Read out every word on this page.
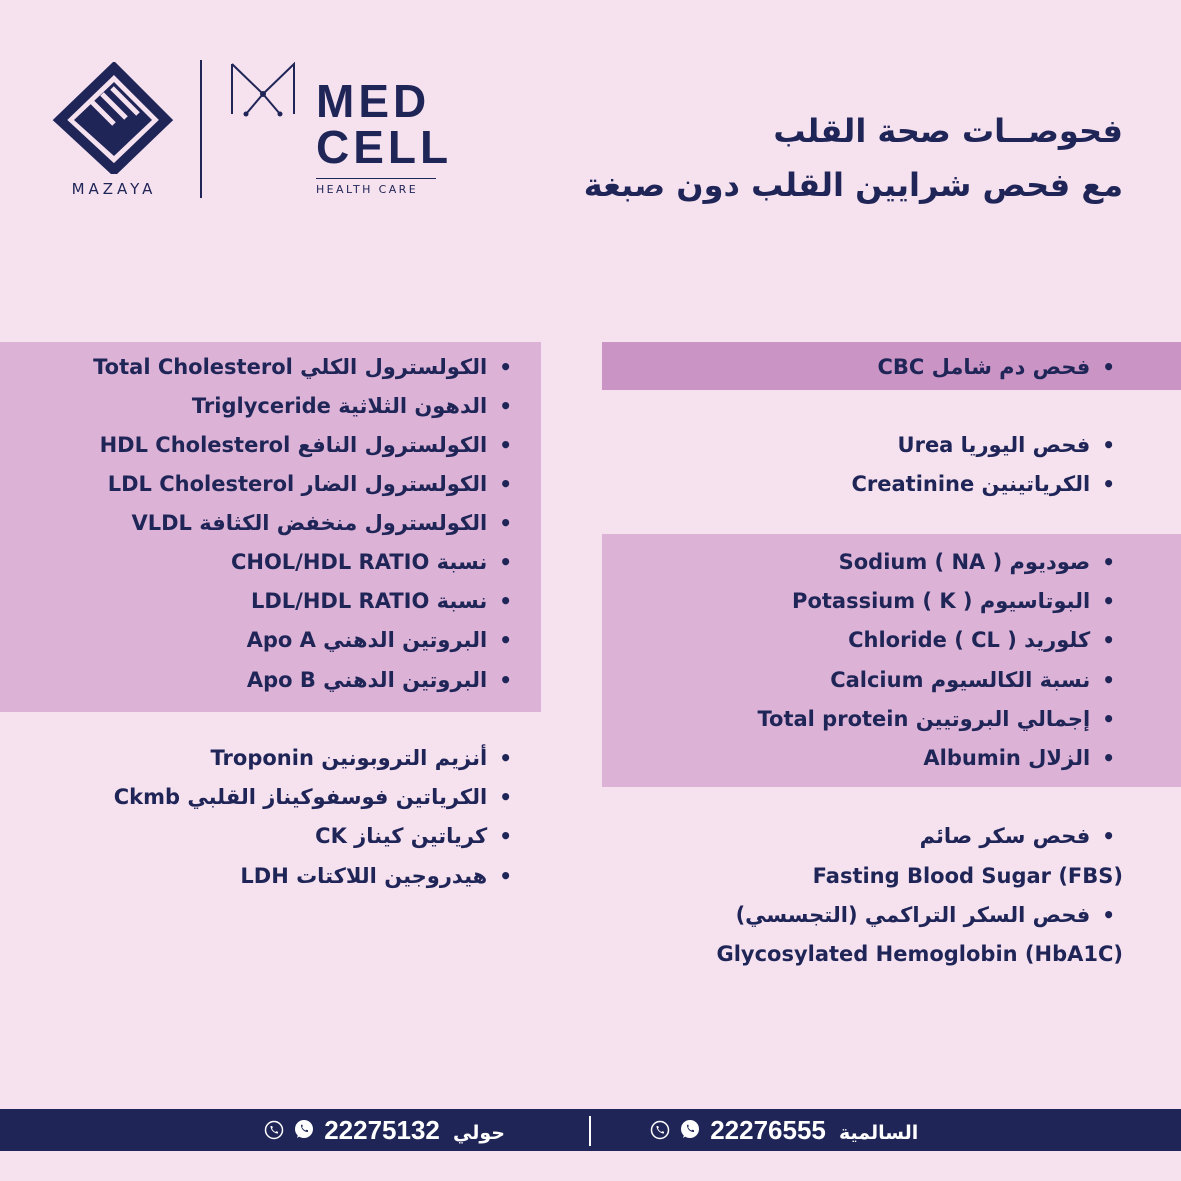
MAZAYA
MED
CELL
HEALTH CARE
فحوصــات صحة القلب
مع فحص شرايين القلب دون صبغة
•الكولسترول الكلي Total Cholesterol
•الدهون الثلاثية Triglyceride
•الكولسترول النافع HDL Cholesterol
•الكولسترول الضار LDL Cholesterol
•الكولسترول منخفض الكثافة VLDL
•نسبة CHOL/HDL RATIO
•نسبة LDL/HDL RATIO
•البروتين الدهني Apo A
•البروتين الدهني Apo B
•أنزيم التروبونين Troponin
•الكرياتين فوسفوكيناز القلبي Ckmb
•كرياتين كيناز CK
•هيدروجين اللاكتات LDH
•فحص دم شامل CBC
•فحص اليوريا Urea
•الكرياتينين Creatinine
•صوديوم ( Sodium ( NA
•البوتاسيوم ( Potassium ( K
•كلوريد ( Chloride ( CL
•نسبة الكالسيوم Calcium
•إجمالي البروتيين Total protein
•الزلال Albumin
•فحص سكر صائم
Fasting Blood Sugar (FBS)
•فحص السكر التراكمي (التجسسي)
Glycosylated Hemoglobin (HbA1C)
22275132 حولي	22276555 السالمية
